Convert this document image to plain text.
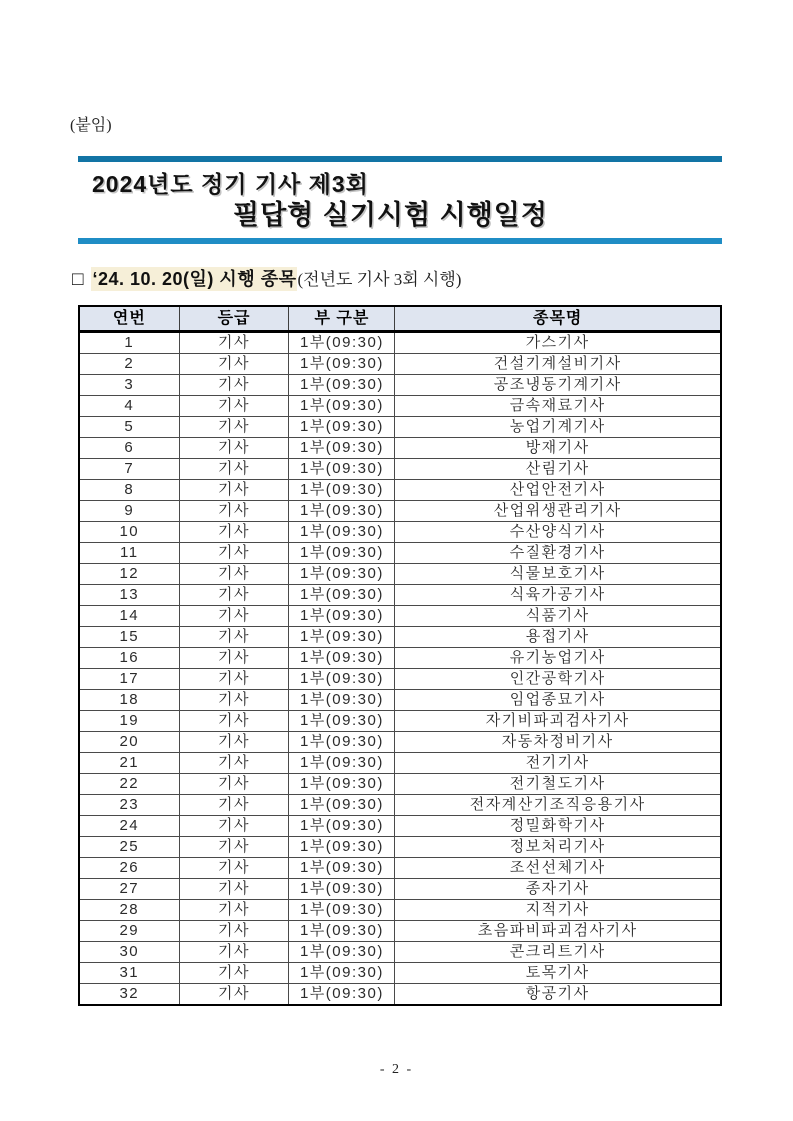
(붙임)
2024년도 정기 기사 제3회
필답형 실기시험 시행일정
□ ‘24. 10. 20(일) 시행 종목(전년도 기사 3회 시행)
연번	등급	부 구분	종목명
1	기사	1부(09:30)	가스기사
2	기사	1부(09:30)	건설기계설비기사
3	기사	1부(09:30)	공조냉동기계기사
4	기사	1부(09:30)	금속재료기사
5	기사	1부(09:30)	농업기계기사
6	기사	1부(09:30)	방재기사
7	기사	1부(09:30)	산림기사
8	기사	1부(09:30)	산업안전기사
9	기사	1부(09:30)	산업위생관리기사
10	기사	1부(09:30)	수산양식기사
11	기사	1부(09:30)	수질환경기사
12	기사	1부(09:30)	식물보호기사
13	기사	1부(09:30)	식육가공기사
14	기사	1부(09:30)	식품기사
15	기사	1부(09:30)	용접기사
16	기사	1부(09:30)	유기농업기사
17	기사	1부(09:30)	인간공학기사
18	기사	1부(09:30)	임업종묘기사
19	기사	1부(09:30)	자기비파괴검사기사
20	기사	1부(09:30)	자동차정비기사
21	기사	1부(09:30)	전기기사
22	기사	1부(09:30)	전기철도기사
23	기사	1부(09:30)	전자계산기조직응용기사
24	기사	1부(09:30)	정밀화학기사
25	기사	1부(09:30)	정보처리기사
26	기사	1부(09:30)	조선선체기사
27	기사	1부(09:30)	종자기사
28	기사	1부(09:30)	지적기사
29	기사	1부(09:30)	초음파비파괴검사기사
30	기사	1부(09:30)	콘크리트기사
31	기사	1부(09:30)	토목기사
32	기사	1부(09:30)	항공기사
- 2 -
